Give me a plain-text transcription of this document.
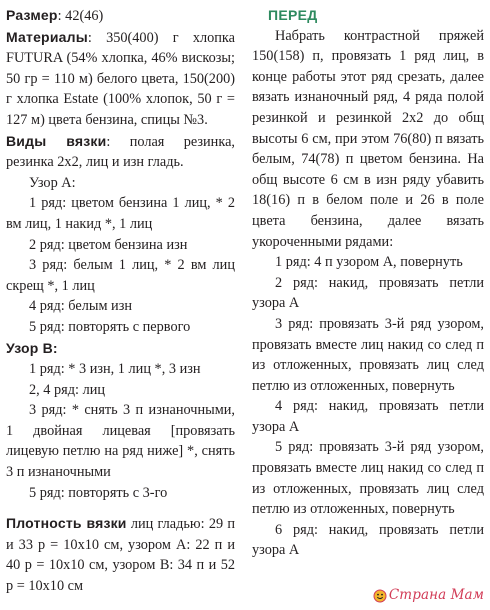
Размер: 42(46)

Материалы: 350(400) г хлопка FUTURA (54% хлопка, 46% вискозы; 50 гр = 110 м) белого цвета, 150(200) г хлопка Estate (100% хлопок, 50 г = 127 м) цвета бензина, спицы №3.

Виды вязки: полая резинка, резинка 2х2, лиц и изн гладь.

Узор А:

1 ряд: цветом бензина 1 лиц, * 2 вм лиц, 1 накид *, 1 лиц

2 ряд: цветом бензина изн

3 ряд: белым 1 лиц, * 2 вм лиц скрещ *, 1 лиц

4 ряд: белым изн

5 ряд: повторять с первого

Узор В:

1 ряд: * 3 изн, 1 лиц *, 3 изн

2, 4 ряд: лиц

3 ряд: * снять 3 п изнаночными, 1 двойная лицевая [провязать лицевую петлю на ряд ниже] *, снять 3 п изнаночными

5 ряд: повторять с 3-го

Плотность вязки лиц гладью: 29 п и 33 р = 10х10 см, узором А: 22 п и 40 р = 10х10 см, узором В: 34 п и 52 р = 10х10 см

ПЕРЕД

Набрать контрастной пряжей 150(158) п, провязать 1 ряд лиц, в конце работы этот ряд срезать, далее вязать изнаночный ряд, 4 ряда полой резинкой и резинкой 2х2 до общ высоты 6 см, при этом 76(80) п вязать белым, 74(78) п цветом бензина. На общ высоте 6 см в изн ряду убавить 18(16) п в белом поле и 26 в поле цвета бензина, далее вязать укороченными рядами:

1 ряд: 4 п узором А, повернуть

2 ряд: накид, провязать петли узора А

3 ряд: провязать 3-й ряд узором, провязать вместе лиц накид со след п из отложенных, провязать лиц след петлю из отложенных, повернуть

4 ряд: накид, провязать петли узора А

5 ряд: провязать 3-й ряд узором, провязать вместе лиц накид со след п из отложенных, провязать лиц след петлю из отложенных, повернуть

6 ряд: накид, провязать петли узора А

Страна Мам
